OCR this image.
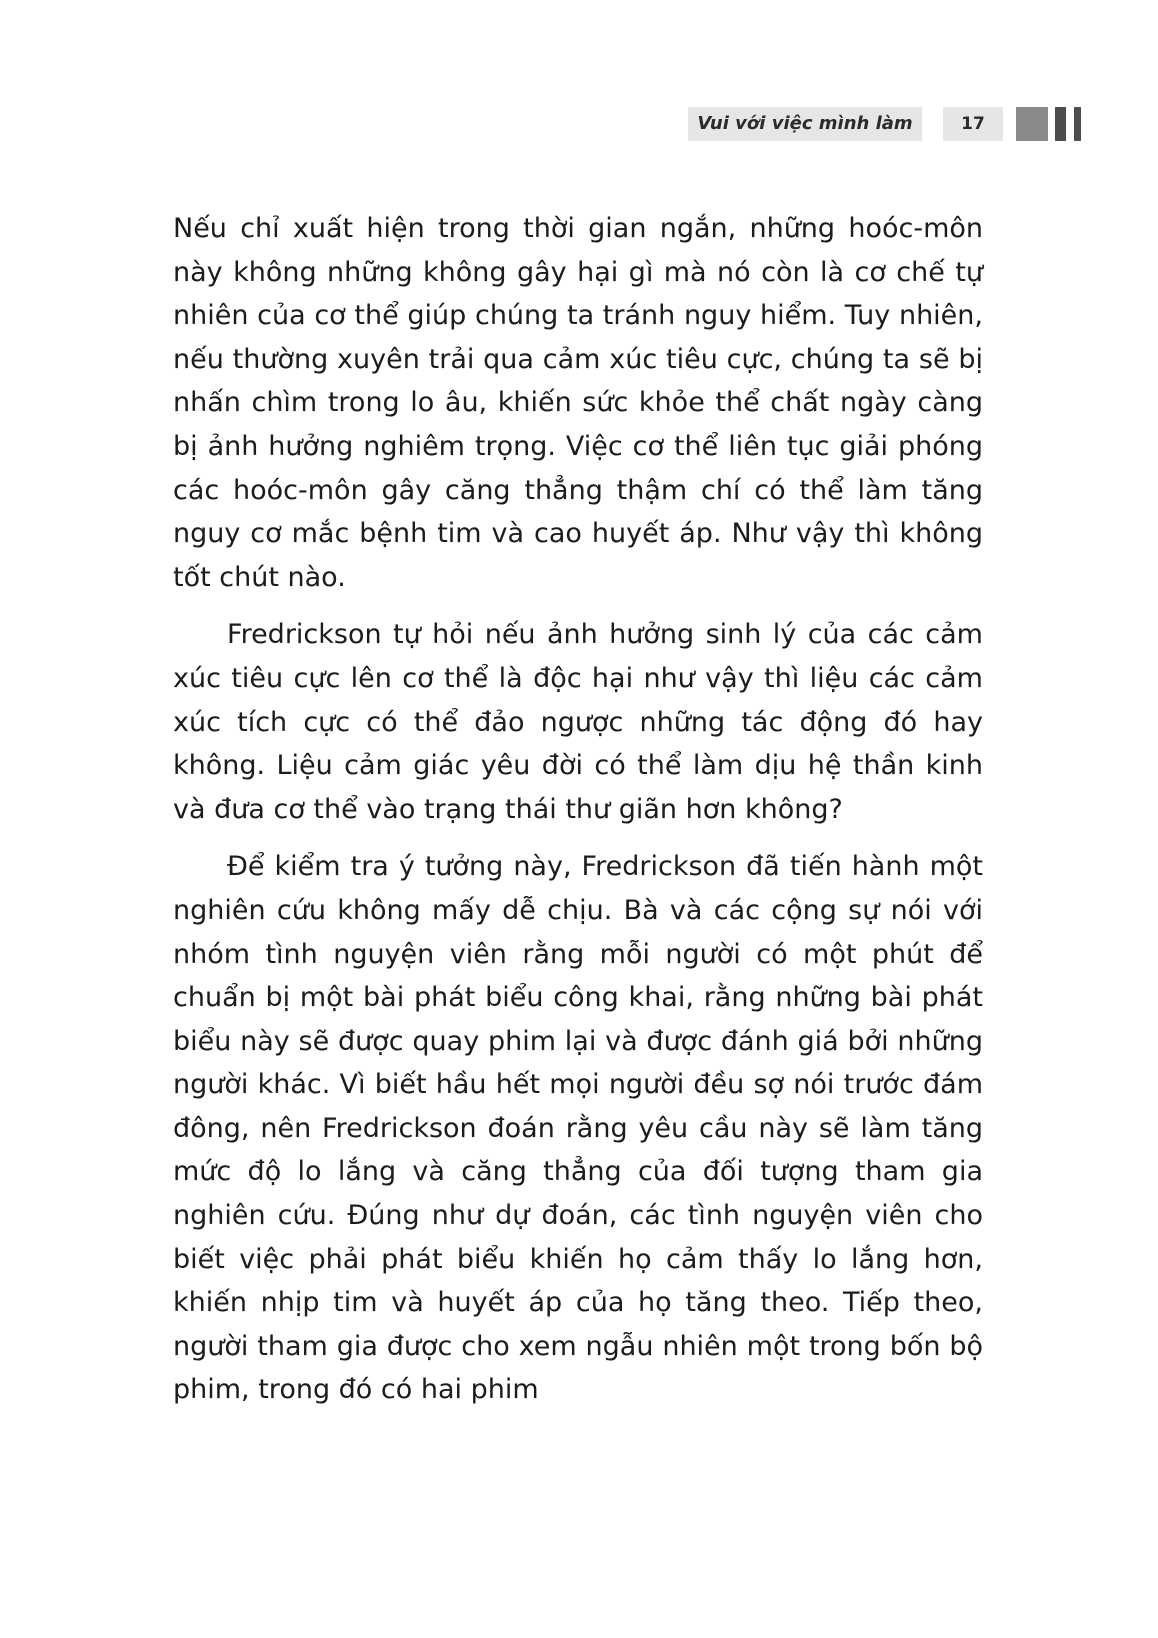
Vui với việc mình làm	17

Nếu chỉ xuất hiện trong thời gian ngắn, những hoóc-môn này không những không gây hại gì mà nó còn là cơ chế tự nhiên của cơ thể giúp chúng ta tránh nguy hiểm. Tuy nhiên, nếu thường xuyên trải qua cảm xúc tiêu cực, chúng ta sẽ bị nhấn chìm trong lo âu, khiến sức khỏe thể chất ngày càng bị ảnh hưởng nghiêm trọng. Việc cơ thể liên tục giải phóng các hoóc-môn gây căng thẳng thậm chí có thể làm tăng nguy cơ mắc bệnh tim và cao huyết áp. Như vậy thì không tốt chút nào.

Fredrickson tự hỏi nếu ảnh hưởng sinh lý của các cảm xúc tiêu cực lên cơ thể là độc hại như vậy thì liệu các cảm xúc tích cực có thể đảo ngược những tác động đó hay không. Liệu cảm giác yêu đời có thể làm dịu hệ thần kinh và đưa cơ thể vào trạng thái thư giãn hơn không?

Để kiểm tra ý tưởng này, Fredrickson đã tiến hành một nghiên cứu không mấy dễ chịu. Bà và các cộng sự nói với nhóm tình nguyện viên rằng mỗi người có một phút để chuẩn bị một bài phát biểu công khai, rằng những bài phát biểu này sẽ được quay phim lại và được đánh giá bởi những người khác. Vì biết hầu hết mọi người đều sợ nói trước đám đông, nên Fredrickson đoán rằng yêu cầu này sẽ làm tăng mức độ lo lắng và căng thẳng của đối tượng tham gia nghiên cứu. Đúng như dự đoán, các tình nguyện viên cho biết việc phải phát biểu khiến họ cảm thấy lo lắng hơn, khiến nhịp tim và huyết áp của họ tăng theo. Tiếp theo, người tham gia được cho xem ngẫu nhiên một trong bốn bộ phim, trong đó có hai phim
